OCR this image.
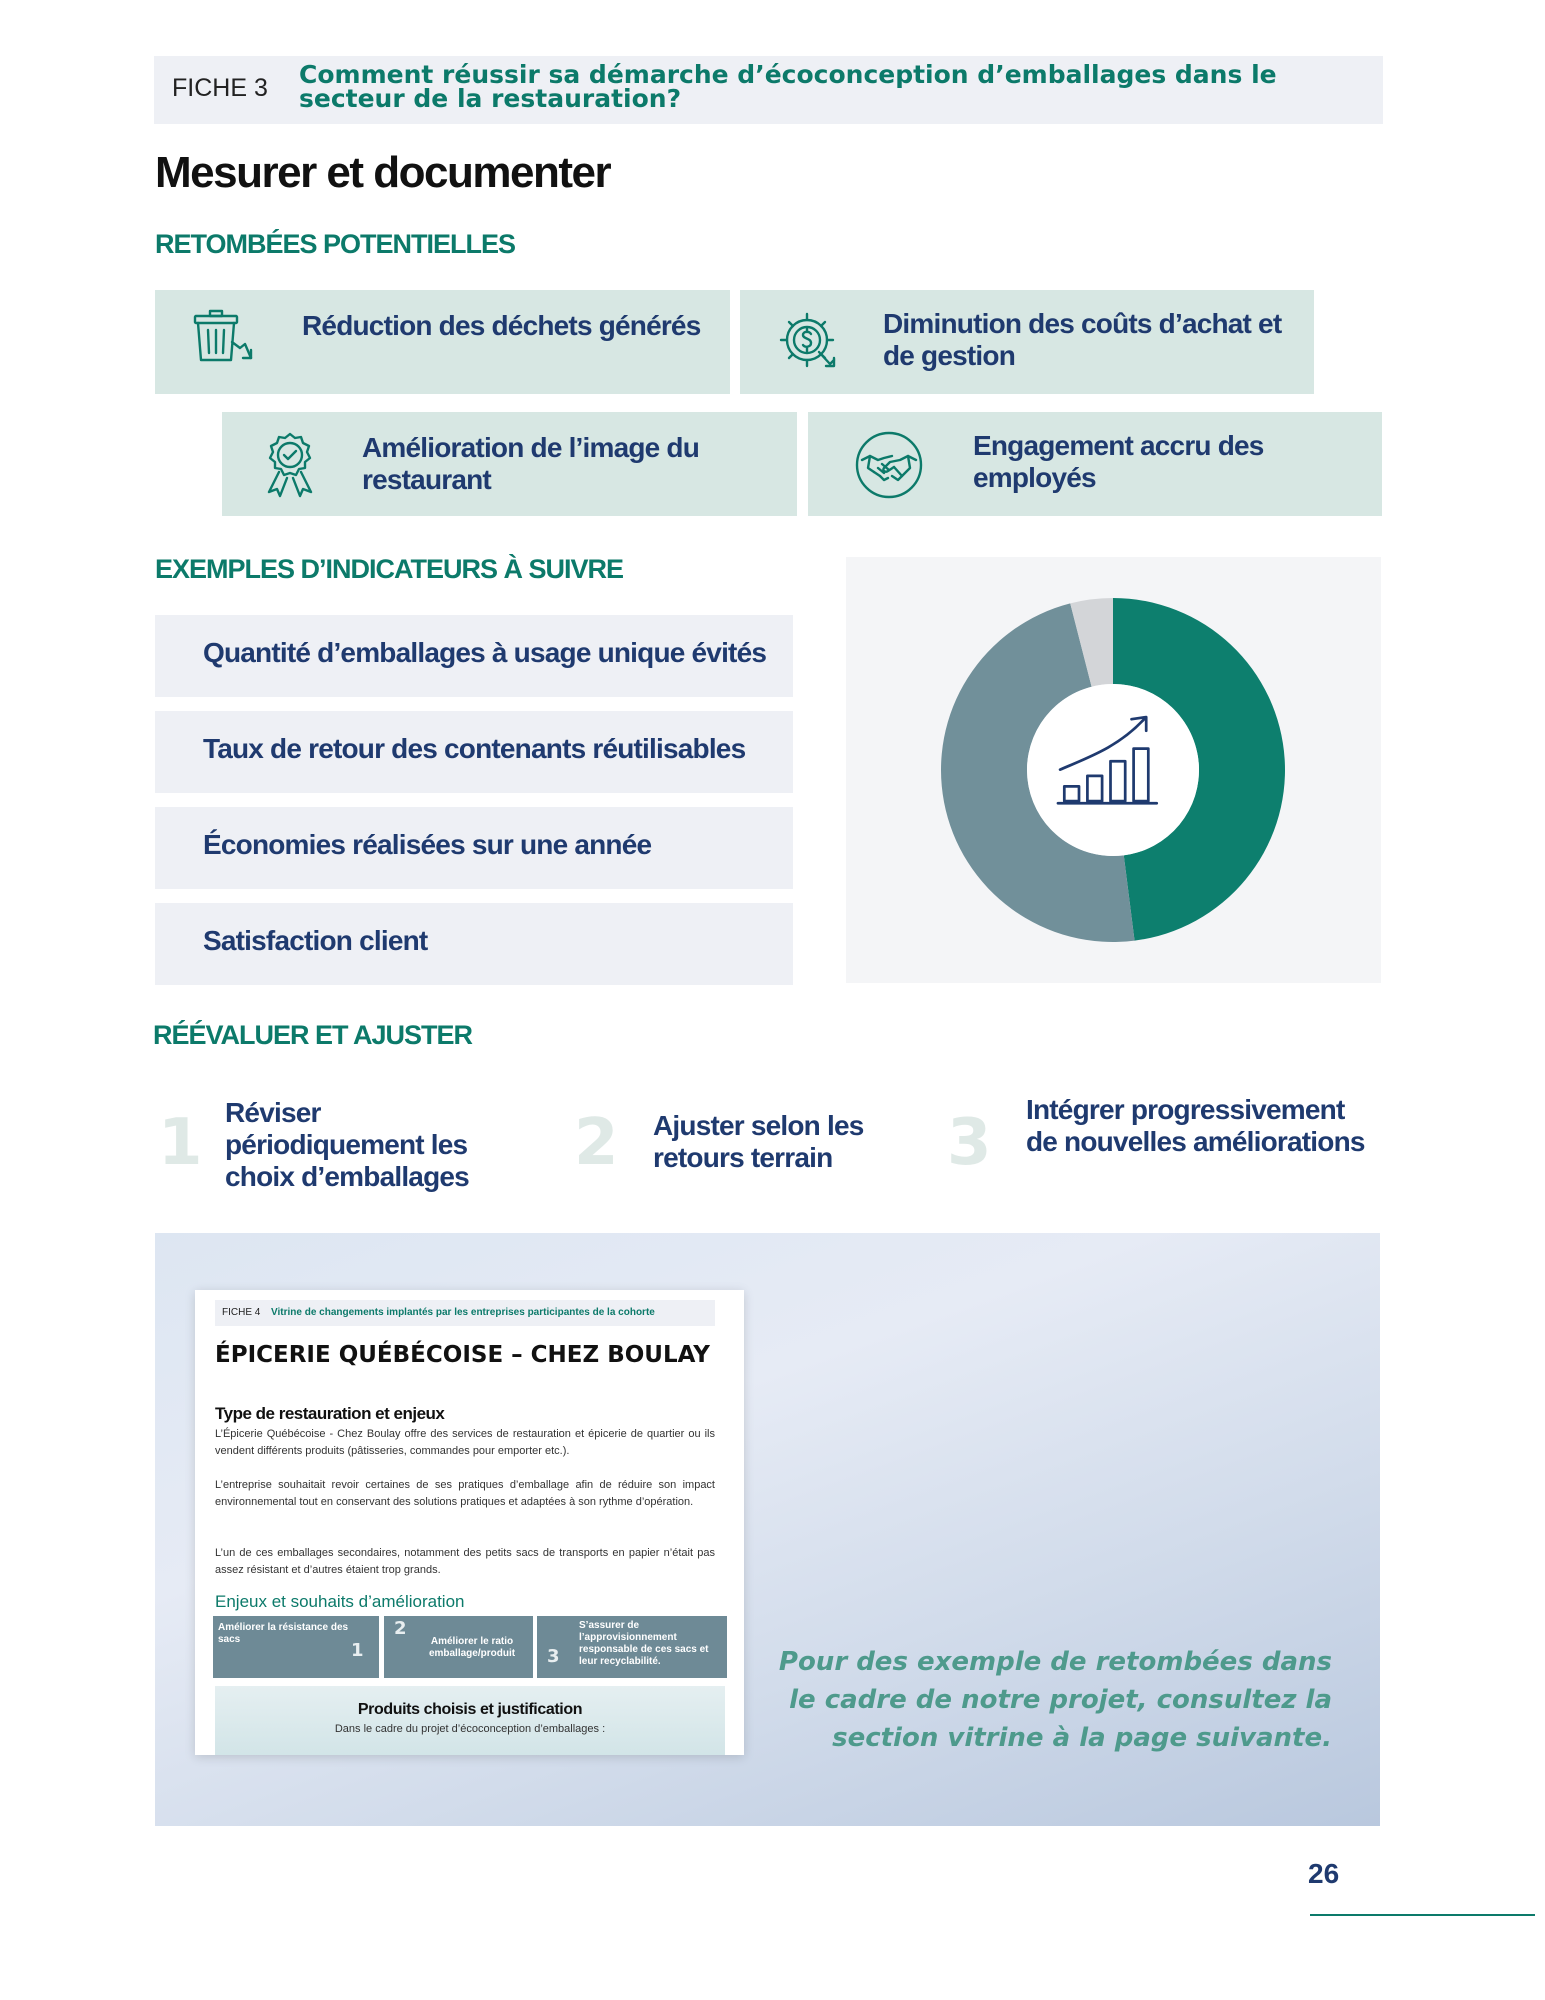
FICHE 3 Comment réussir sa démarche d’écoconception d’emballages dans le secteur de la restauration?
Mesurer et documenter
RETOMBÉES POTENTIELLES
Réduction des déchets générés	Diminution des coûts d’achat et de gestion
Amélioration de l’image du restaurant
Engagement accru des employés
EXEMPLES D’INDICATEURS À SUIVRE
Quantité d’emballages à usage unique évités
Taux de retour des contenants réutilisables
Économies réalisées sur une année
Satisfaction client
RÉÉVALUER ET AJUSTER
1 Réviser périodiquement les choix d’emballages 2 Ajuster selon les retours terrain	3 Intégrer progressivement de nouvelles améliorations
FICHE 4 Vitrine de changements implantés par les entreprises participantes de la cohorte
ÉPICERIE QUÉBÉCOISE – CHEZ BOULAY
Type de restauration et enjeux
L’Épicerie Québécoise - Chez Boulay offre des services de restauration et épicerie de quartier ou ils vendent différents produits (pâtisseries, commandes pour emporter etc.).
L’entreprise souhaitait revoir certaines de ses pratiques d’emballage afin de réduire son impact environnemental tout en conservant des solutions pratiques et adaptées à son rythme d’opération.
L’un de ces emballages secondaires, notamment des petits sacs de transports en papier n’était pas assez résistant et d’autres étaient trop grands.
Enjeux et souhaits d’amélioration
Améliorer la résistance des sacs
1
2
Améliorer le ratio emballage/produit	3
S’assurer de l’approvisionnement responsable de ces sacs et leur recyclabilité.
Produits choisis et justification
Dans le cadre du projet d’écoconception d’emballages :
Pour des exemple de retombées dans le cadre de notre projet, consultez la section vitrine à la page suivante.
26
